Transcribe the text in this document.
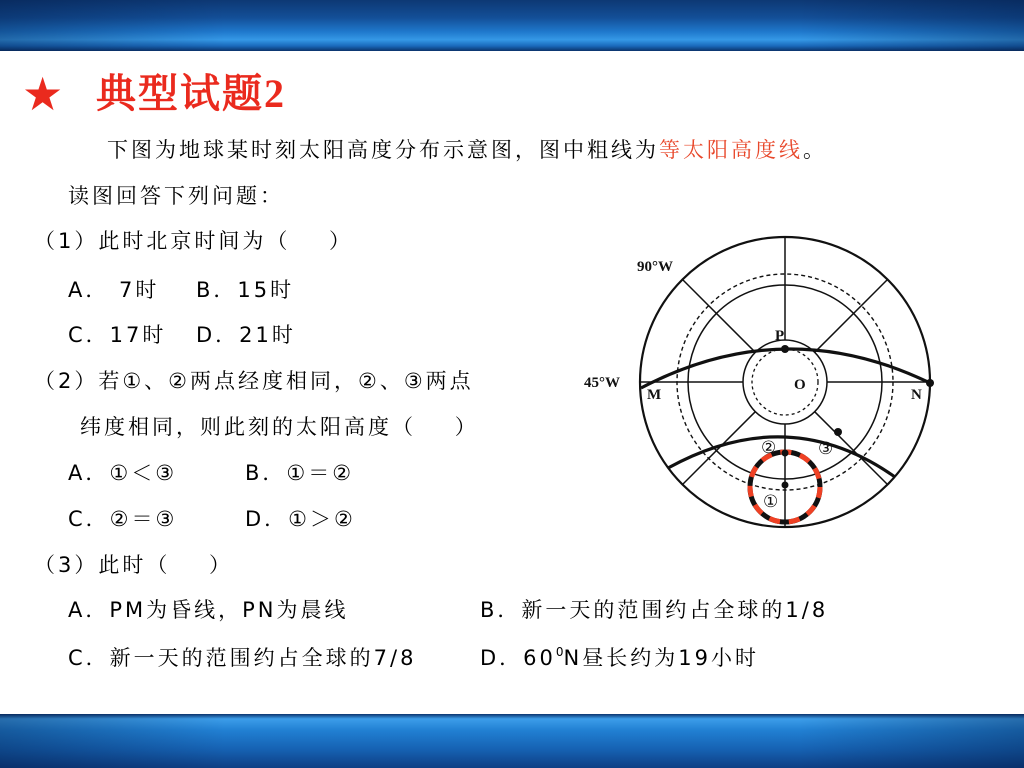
★ 典型试题2
下图为地球某时刻太阳高度分布示意图，图中粗线为等太阳高度线。
读图回答下列问题：
（1）此时北京时间为（    ）
A． 7时 B．15时
C．17时 D．21时
（2）若①、②两点经度相同，②、③两点
纬度相同，则此刻的太阳高度（    ）
A．①＜③	B．①＝②
C．②＝③	D．①＞②
（3）此时（    ）
A．PM为昏线，PN为晨线	B．新一天的范围约占全球的1/8
C．新一天的范围约占全球的7/8	D．$60^0N$昼长约为19小时
90°W
45°W
M	N
P
O
② ③
①
